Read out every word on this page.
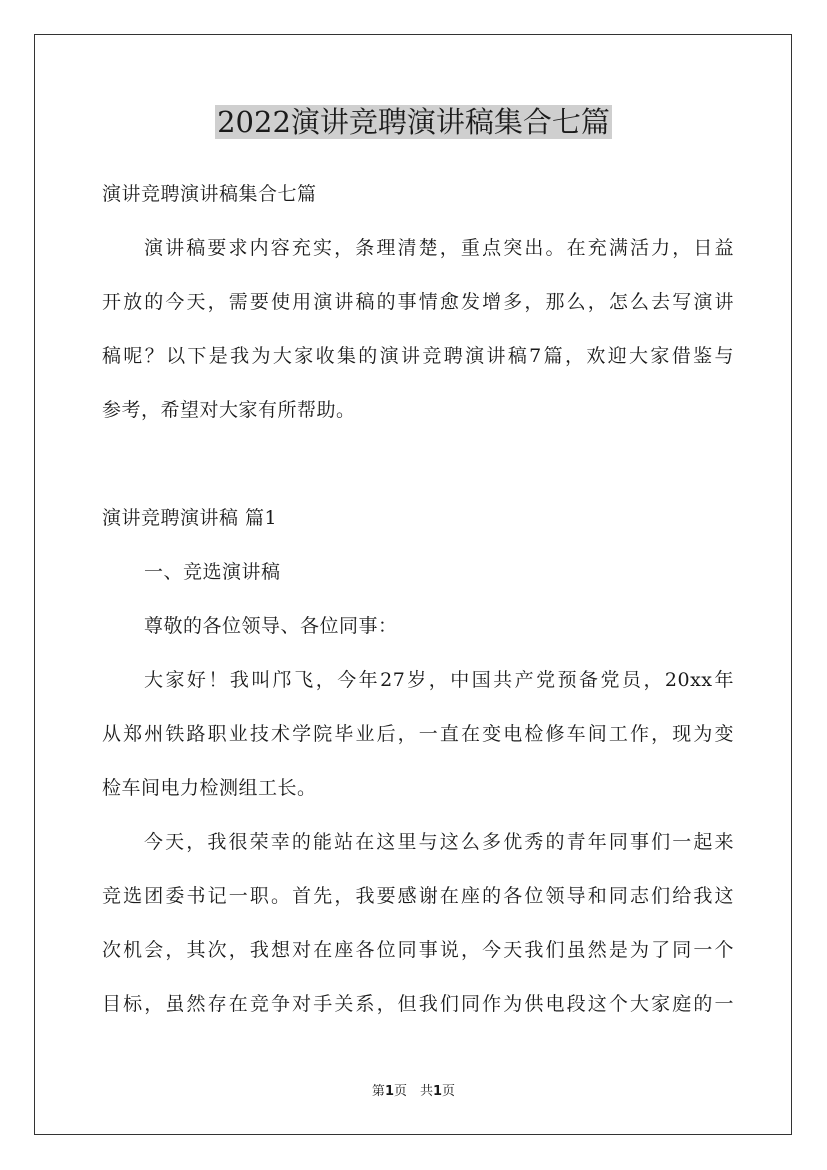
2022演讲竞聘演讲稿集合七篇

演讲竞聘演讲稿集合七篇

演讲稿要求内容充实，条理清楚，重点突出。在充满活力，日益

开放的今天，需要使用演讲稿的事情愈发增多，那么，怎么去写演讲

稿呢？以下是我为大家收集的演讲竞聘演讲稿7篇，欢迎大家借鉴与

参考，希望对大家有所帮助。

演讲竞聘演讲稿 篇1

一、竞选演讲稿

尊敬的各位领导、各位同事：

大家好！我叫邝飞，今年27岁，中国共产党预备党员，20xx年

从郑州铁路职业技术学院毕业后，一直在变电检修车间工作，现为变

检车间电力检测组工长。

今天，我很荣幸的能站在这里与这么多优秀的青年同事们一起来

竞选团委书记一职。首先，我要感谢在座的各位领导和同志们给我这

次机会，其次，我想对在座各位同事说，今天我们虽然是为了同一个

目标，虽然存在竞争对手关系，但我们同作为供电段这个大家庭的一

第1页　共1页
